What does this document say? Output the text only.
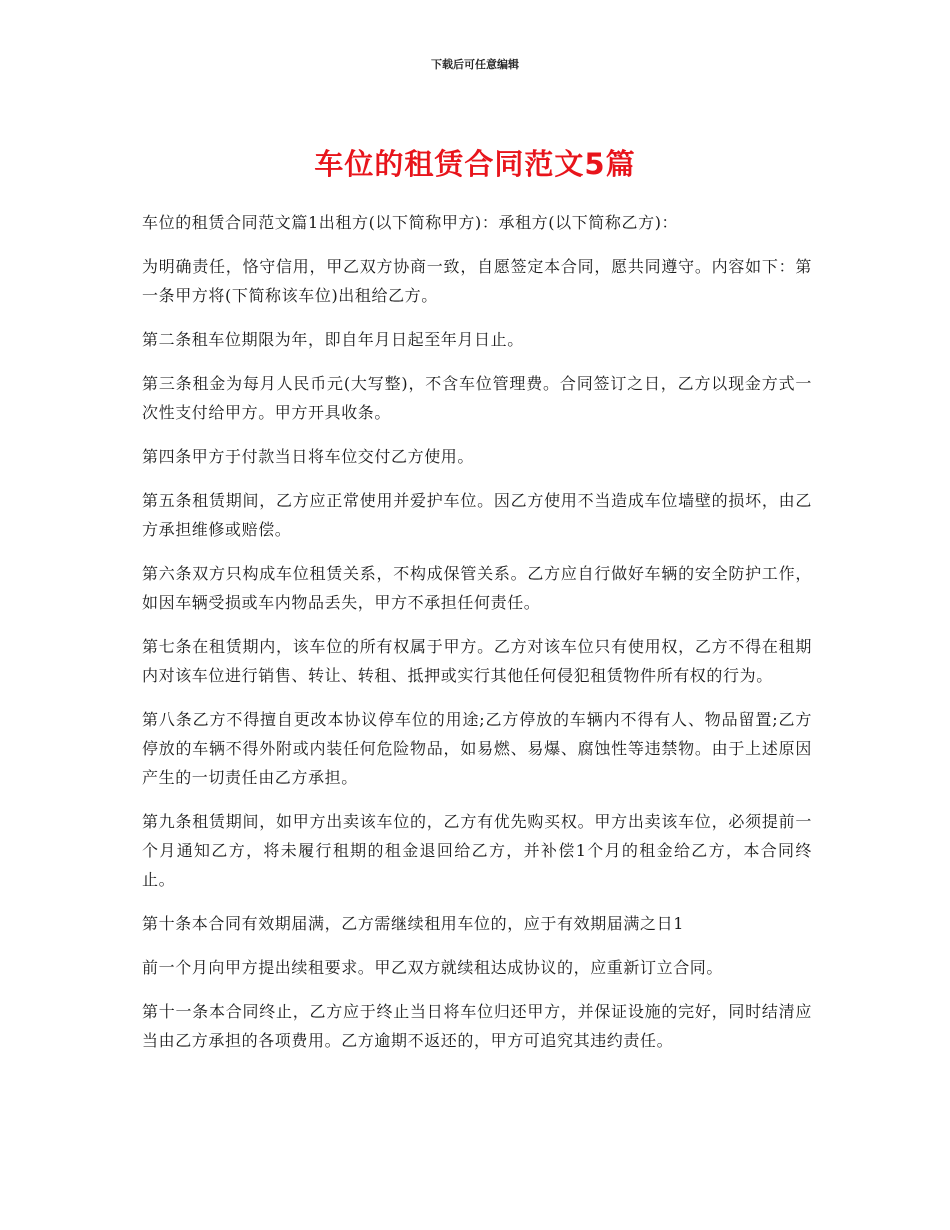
下载后可任意编辑
车位的租赁合同范文5篇

车位的租赁合同范文篇1出租方(以下简称甲方)：承租方(以下简称乙方)：

为明确责任，恪守信用，甲乙双方协商一致，自愿签定本合同，愿共同遵守。内容如下：第一条甲方将(下简称该车位)出租给乙方。

第二条租车位期限为年，即自年月日起至年月日止。

第三条租金为每月人民币元(大写整)，不含车位管理费。合同签订之日，乙方以现金方式一次性支付给甲方。甲方开具收条。

第四条甲方于付款当日将车位交付乙方使用。

第五条租赁期间，乙方应正常使用并爱护车位。因乙方使用不当造成车位墙壁的损坏，由乙方承担维修或赔偿。

第六条双方只构成车位租赁关系，不构成保管关系。乙方应自行做好车辆的安全防护工作，如因车辆受损或车内物品丢失，甲方不承担任何责任。

第七条在租赁期内，该车位的所有权属于甲方。乙方对该车位只有使用权，乙方不得在租期内对该车位进行销售、转让、转租、抵押或实行其他任何侵犯租赁物件所有权的行为。

第八条乙方不得擅自更改本协议停车位的用途;乙方停放的车辆内不得有人、物品留置;乙方停放的车辆不得外附或内装任何危险物品，如易燃、易爆、腐蚀性等违禁物。由于上述原因产生的一切责任由乙方承担。

第九条租赁期间，如甲方出卖该车位的，乙方有优先购买权。甲方出卖该车位，必须提前一个月通知乙方，将未履行租期的租金退回给乙方，并补偿1个月的租金给乙方，本合同终止。

第十条本合同有效期届满，乙方需继续租用车位的，应于有效期届满之日1

前一个月向甲方提出续租要求。甲乙双方就续租达成协议的，应重新订立合同。

第十一条本合同终止，乙方应于终止当日将车位归还甲方，并保证设施的完好，同时结清应当由乙方承担的各项费用。乙方逾期不返还的，甲方可追究其违约责任。
